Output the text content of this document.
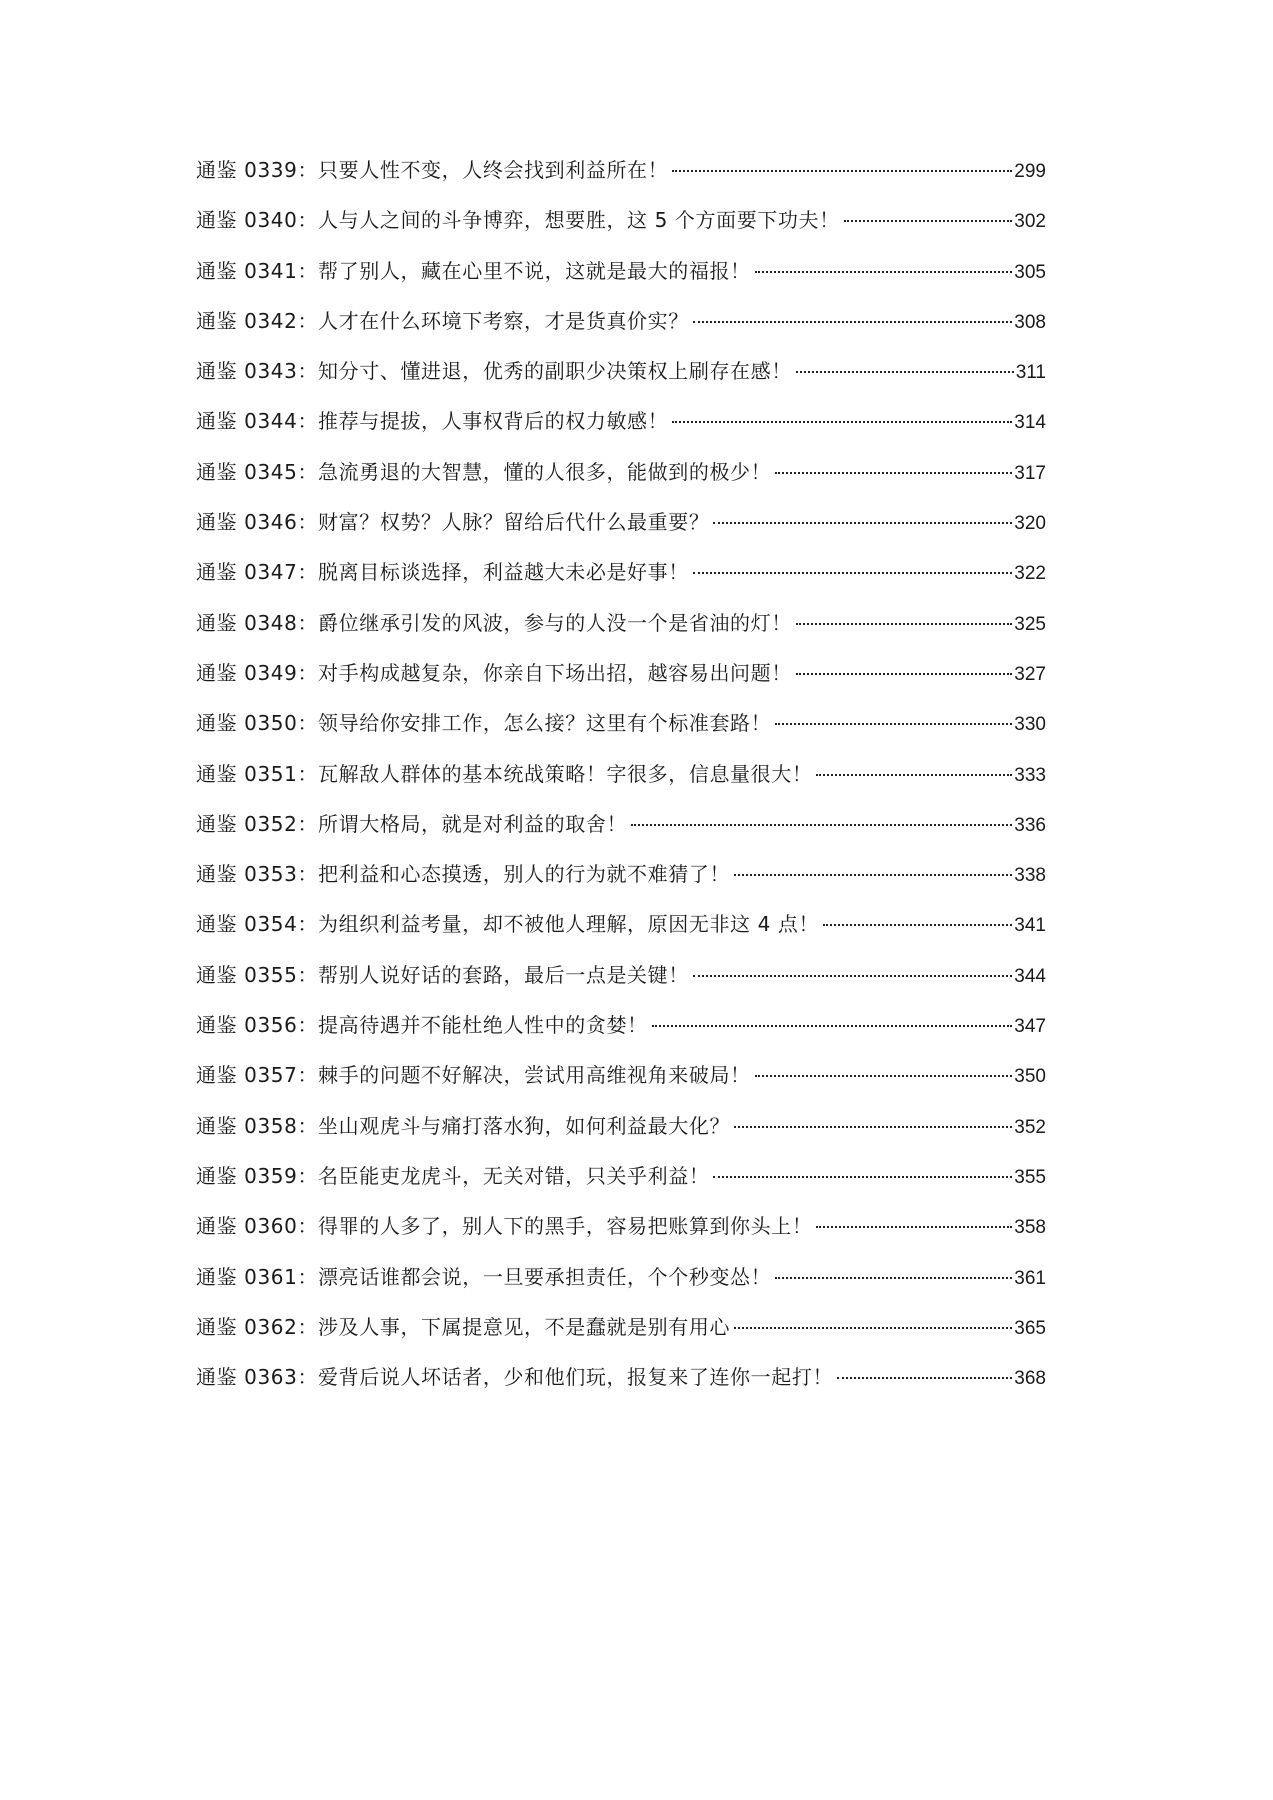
通鉴 0339：只要人性不变，人终会找到利益所在！	299
通鉴 0340：人与人之间的斗争博弈，想要胜，这 5 个方面要下功夫！	302
通鉴 0341：帮了别人，藏在心里不说，这就是最大的福报！	305
通鉴 0342：人才在什么环境下考察，才是货真价实？	308
通鉴 0343：知分寸、懂进退，优秀的副职少决策权上刷存在感！	311
通鉴 0344：推荐与提拔，人事权背后的权力敏感！	314
通鉴 0345：急流勇退的大智慧，懂的人很多，能做到的极少！	317
通鉴 0346：财富？权势？人脉？留给后代什么最重要？	320
通鉴 0347：脱离目标谈选择，利益越大未必是好事！	322
通鉴 0348：爵位继承引发的风波，参与的人没一个是省油的灯！	325
通鉴 0349：对手构成越复杂，你亲自下场出招，越容易出问题！	327
通鉴 0350：领导给你安排工作，怎么接？这里有个标准套路！	330
通鉴 0351：瓦解敌人群体的基本统战策略！字很多，信息量很大！	333
通鉴 0352：所谓大格局，就是对利益的取舍！	336
通鉴 0353：把利益和心态摸透，别人的行为就不难猜了！	338
通鉴 0354：为组织利益考量，却不被他人理解，原因无非这 4 点！	341
通鉴 0355：帮别人说好话的套路，最后一点是关键！	344
通鉴 0356：提高待遇并不能杜绝人性中的贪婪！	347
通鉴 0357：棘手的问题不好解决，尝试用高维视角来破局！	350
通鉴 0358：坐山观虎斗与痛打落水狗，如何利益最大化？	352
通鉴 0359：名臣能吏龙虎斗，无关对错，只关乎利益！	355
通鉴 0360：得罪的人多了，别人下的黑手，容易把账算到你头上！	358
通鉴 0361：漂亮话谁都会说，一旦要承担责任，个个秒变怂！	361
通鉴 0362：涉及人事，下属提意见，不是蠢就是别有用心	365
通鉴 0363：爱背后说人坏话者，少和他们玩，报复来了连你一起打！	368
